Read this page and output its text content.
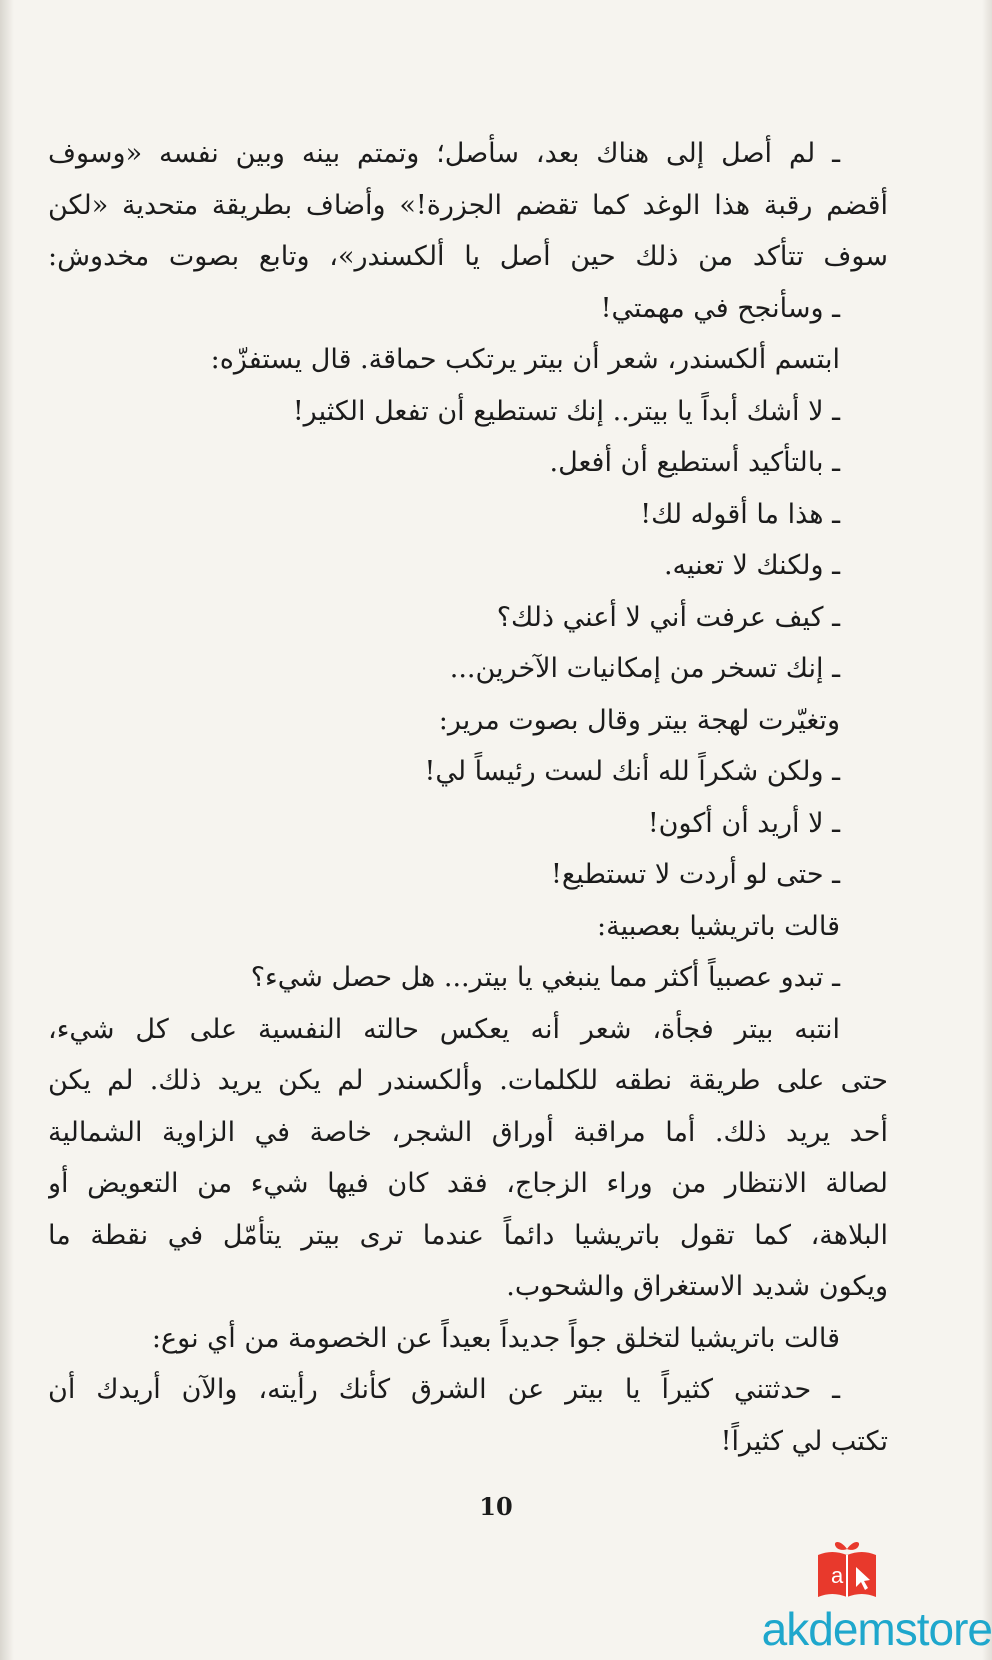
ـ لم أصل إلى هناك بعد، سأصل؛ وتمتم بينه وبين نفسه «وسوف
أقضم رقبة هذا الوغد كما تقضم الجزرة!» وأضاف بطريقة متحدية «لكن
سوف تتأكد من ذلك حين أصل يا ألكسندر»، وتابع بصوت مخدوش:
ـ وسأنجح في مهمتي!
ابتسم ألكسندر، شعر أن بيتر يرتكب حماقة. قال يستفزّه:
ـ لا أشك أبداً يا بيتر.. إنك تستطيع أن تفعل الكثير!
ـ بالتأكيد أستطيع أن أفعل.
ـ هذا ما أقوله لك!
ـ ولكنك لا تعنيه.
ـ كيف عرفت أني لا أعني ذلك؟
ـ إنك تسخر من إمكانيات الآخرين...
وتغيّرت لهجة بيتر وقال بصوت مرير:
ـ ولكن شكراً لله أنك لست رئيساً لي!
ـ لا أريد أن أكون!
ـ حتى لو أردت لا تستطيع!
قالت باتريشيا بعصبية:
ـ تبدو عصبياً أكثر مما ينبغي يا بيتر... هل حصل شيء؟
انتبه بيتر فجأة، شعر أنه يعكس حالته النفسية على كل شيء،
حتى على طريقة نطقه للكلمات. وألكسندر لم يكن يريد ذلك. لم يكن
أحد يريد ذلك. أما مراقبة أوراق الشجر، خاصة في الزاوية الشمالية
لصالة الانتظار من وراء الزجاج، فقد كان فيها شيء من التعويض أو
البلاهة، كما تقول باتريشيا دائماً عندما ترى بيتر يتأمّل في نقطة ما
ويكون شديد الاستغراق والشحوب.
قالت باتريشيا لتخلق جواً جديداً بعيداً عن الخصومة من أي نوع:
ـ حدثتني كثيراً يا بيتر عن الشرق كأنك رأيته، والآن أريدك أن
تكتب لي كثيراً!
10
a
akdemstore
